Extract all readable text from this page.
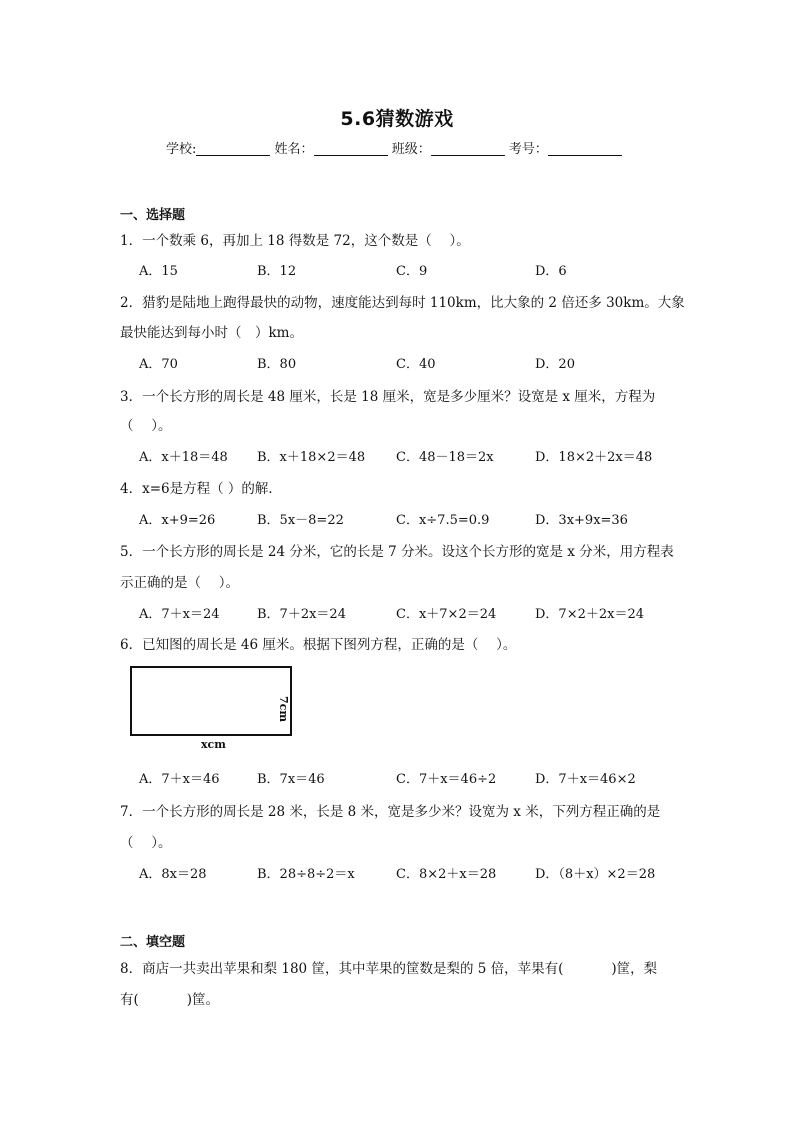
5.6猜数游戏
学校:	姓名：	班级：	考号：
一、选择题
1．一个数乘 6，再加上 18 得数是 72，这个数是（　 ）。
A．15	B．12	C．9	D．6
2．猎豹是陆地上跑得最快的动物，速度能达到每时 110km，比大象的 2 倍还多 30km。大象
最快能达到每小时（　）km。
A．70	B．80	C．40	D．20
3．一个长方形的周长是 48 厘米，长是 18 厘米，宽是多少厘米？设宽是 x 厘米，方程为
（　 ）。
A．x＋18＝48 B．x＋18×2＝48 C．48－18＝2x	D．18×2＋2x＝48
4．x=6是方程（ ）的解．
A．x+9=26	B．5x－8=22	C．x÷7.5=0.9	D．3x+9x=36
5．一个长方形的周长是 24 分米，它的长是 7 分米。设这个长方形的宽是 x 分米，用方程表
示正确的是（　 ）。
A．7＋x＝24	B．7＋2x＝24	C．x＋7×2＝24	D．7×2＋2x＝24
6．已知图的周长是 46 厘米。根据下图列方程，正确的是（　 ）。
xcm
7cm
A．7＋x＝46	B．7x＝46	C．7＋x＝46÷2	D．7＋x＝46×2
7．一个长方形的周长是 28 米，长是 8 米，宽是多少米？设宽为 x 米，下列方程正确的是
（　 ）。
A．8x＝28	B．28÷8÷2＝x	C．8×2＋x＝28	D．（8＋x）×2＝28
二、填空题
8．商店一共卖出苹果和梨 180 筐，其中苹果的筐数是梨的 5 倍，苹果有(	)筐，梨
有(	)筐。
